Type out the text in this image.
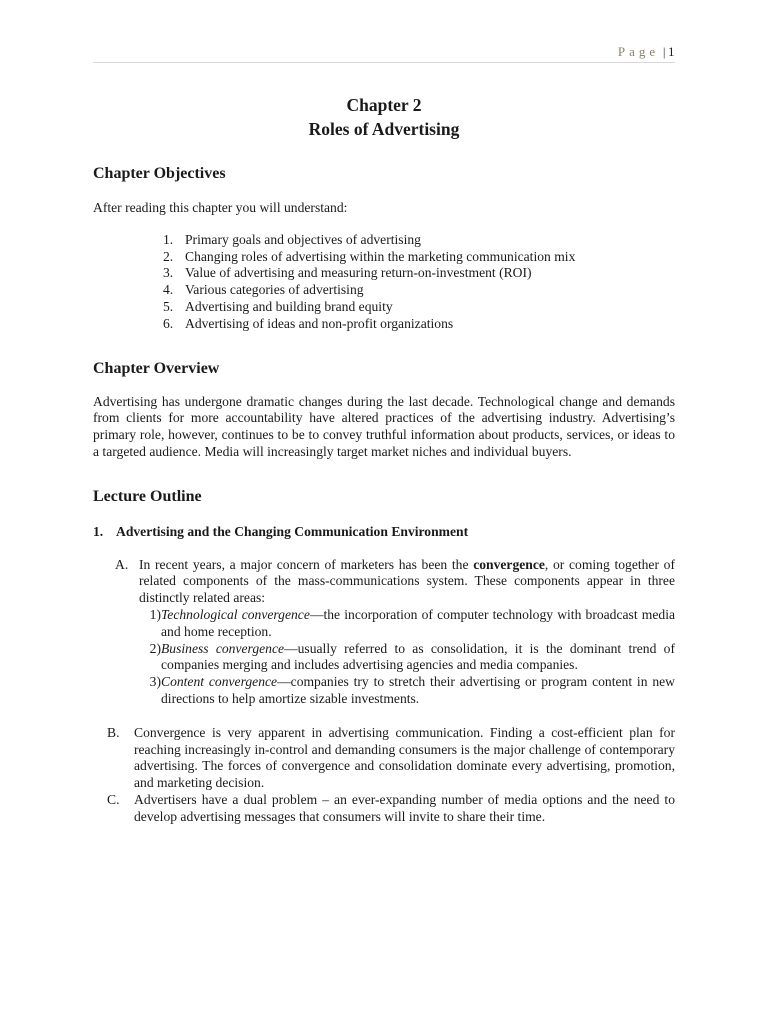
Page | 1
Chapter 2
Roles of Advertising
Chapter Objectives

After reading this chapter you will understand:

1. Primary goals and objectives of advertising
2. Changing roles of advertising within the marketing communication mix
3. Value of advertising and measuring return-on-investment (ROI)
4. Various categories of advertising
5. Advertising and building brand equity
6. Advertising of ideas and non-profit organizations
Chapter Overview

Advertising has undergone dramatic changes during the last decade. Technological change and demands from clients for more accountability have altered practices of the advertising industry. Advertising’s primary role, however, continues to be to convey truthful information about products, services, or ideas to a targeted audience. Media will increasingly target market niches and individual buyers.

Lecture Outline
1. Advertising and the Changing Communication Environment
A. In recent years, a major concern of marketers has been the convergence, or coming together of related components of the mass-communications system. These components appear in three distinctly related areas:

1) Technological convergence—the incorporation of computer technology with broadcast media and home reception.

2) Business convergence—usually referred to as consolidation, it is the dominant trend of companies merging and includes advertising agencies and media companies.

3) Content convergence—companies try to stretch their advertising or program content in new directions to help amortize sizable investments.

B.	Convergence is very apparent in advertising communication. Finding a cost-efficient plan for reaching increasingly in-control and demanding consumers is the major challenge of contemporary advertising. The forces of convergence and consolidation dominate every advertising, promotion, and marketing decision.

C.	Advertisers have a dual problem – an ever-expanding number of media options and the need to develop advertising messages that consumers will invite to share their time.
